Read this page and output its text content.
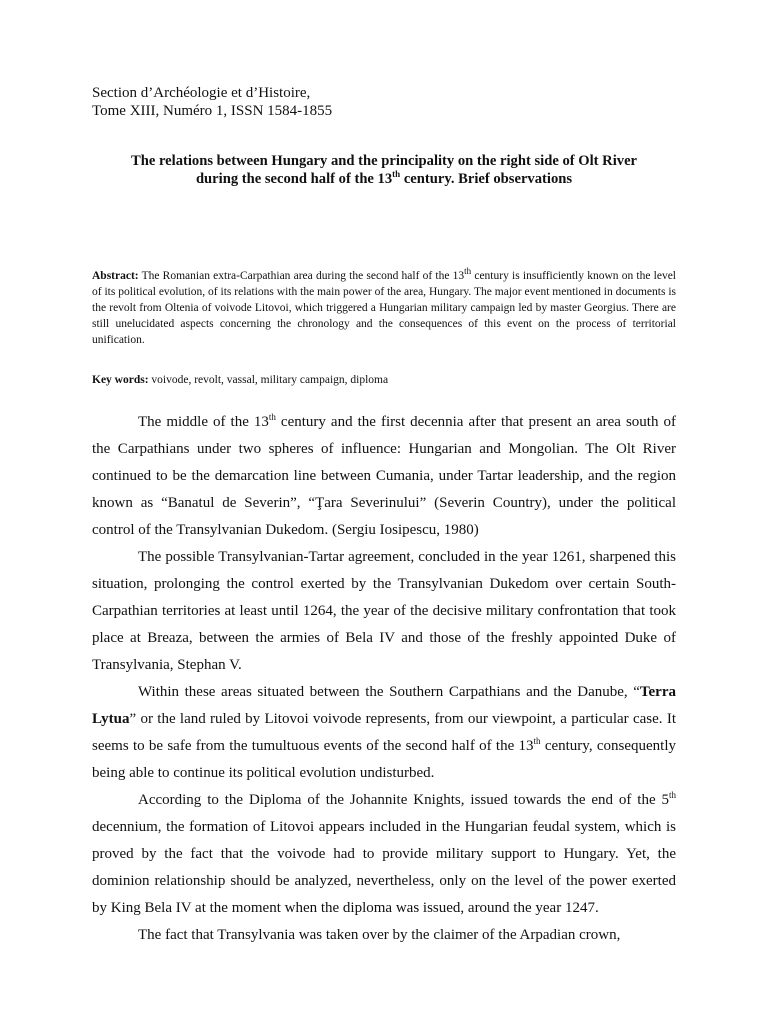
Section d’Archéologie et d’Histoire,
Tome XIII, Numéro 1, ISSN 1584-1855
The relations between Hungary and the principality on the right side of Olt River
during the second half of the 13th century. Brief observations
Abstract: The Romanian extra-Carpathian area during the second half of the 13th century is insufficiently known on the level of its political evolution, of its relations with the main power of the area, Hungary. The major event mentioned in documents is the revolt from Oltenia of voivode Litovoi, which triggered a Hungarian military campaign led by master Georgius. There are still unelucidated aspects concerning the chronology and the consequences of this event on the process of territorial unification.
Key words: voivode, revolt, vassal, military campaign, diploma

The middle of the 13th century and the first decennia after that present an area south of the Carpathians under two spheres of influence: Hungarian and Mongolian. The Olt River continued to be the demarcation line between Cumania, under Tartar leadership, and the region known as “Banatul de Severin”, “Ţara Severinului” (Severin Country), under the political control of the Transylvanian Dukedom. (Sergiu Iosipescu, 1980)

The possible Transylvanian-Tartar agreement, concluded in the year 1261, sharpened this situation, prolonging the control exerted by the Transylvanian Dukedom over certain South-Carpathian territories at least until 1264, the year of the decisive military confrontation that took place at Breaza, between the armies of Bela IV and those of the freshly appointed Duke of Transylvania, Stephan V.

Within these areas situated between the Southern Carpathians and the Danube, “Terra Lytua” or the land ruled by Litovoi voivode represents, from our viewpoint, a particular case. It seems to be safe from the tumultuous events of the second half of the 13th century, consequently being able to continue its political evolution undisturbed.

According to the Diploma of the Johannite Knights, issued towards the end of the 5th decennium, the formation of Litovoi appears included in the Hungarian feudal system, which is proved by the fact that the voivode had to provide military support to Hungary. Yet, the dominion relationship should be analyzed, nevertheless, only on the level of the power exerted by King Bela IV at the moment when the diploma was issued, around the year 1247.

The fact that Transylvania was taken over by the claimer of the Arpadian crown,
